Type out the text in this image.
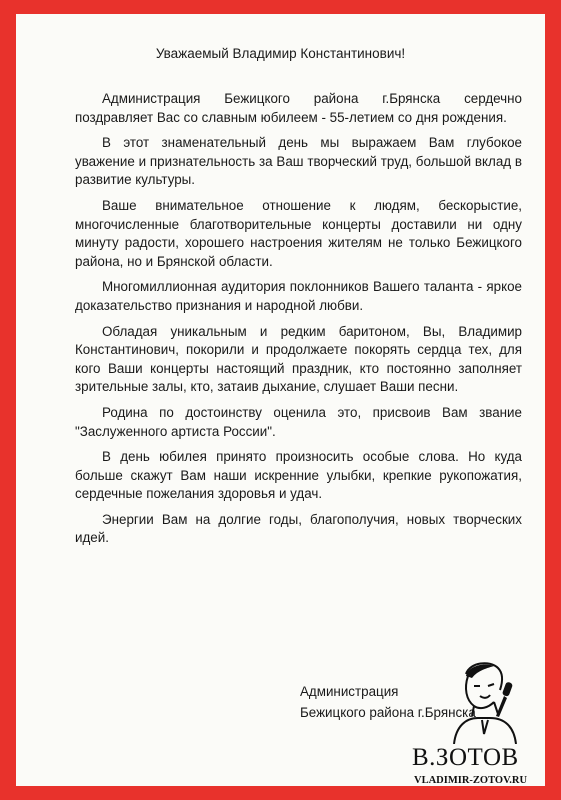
Уважаемый Владимир Константинович!

Администрация Бежицкого района г.Брянска сердечно поздравляет Вас со славным юбилеем - 55-летием со дня рождения.

В этот знаменательный день мы выражаем Вам глубокое уважение и признательность за Ваш творческий труд, большой вклад в развитие культуры.

Ваше внимательное отношение к людям, бескорыстие, многочисленные благотворительные концерты доставили ни одну минуту радости, хорошего настроения жителям не только Бежицкого района, но и Брянской области.

Многомиллионная аудитория поклонников Вашего таланта - яркое доказательство признания и народной любви.

Обладая уникальным и редким баритоном, Вы, Владимир Константинович, покорили и продолжаете покорять сердца тех, для кого Ваши концерты настоящий праздник, кто постоянно заполняет зрительные залы, кто, затаив дыхание, слушает Ваши песни.

Родина по достоинству оценила это, присвоив Вам звание "Заслуженного артиста России".

В день юбилея принято произносить особые слова. Но куда больше скажут Вам наши искренние улыбки, крепкие рукопожатия, сердечные пожелания здоровья и удач.

Энергии Вам на долгие годы, благополучия, новых творческих идей.

Администрация
Бежицкого района г.Брянска
В.ЗОТОВ
VLADIMIR-ZOTOV.RU
